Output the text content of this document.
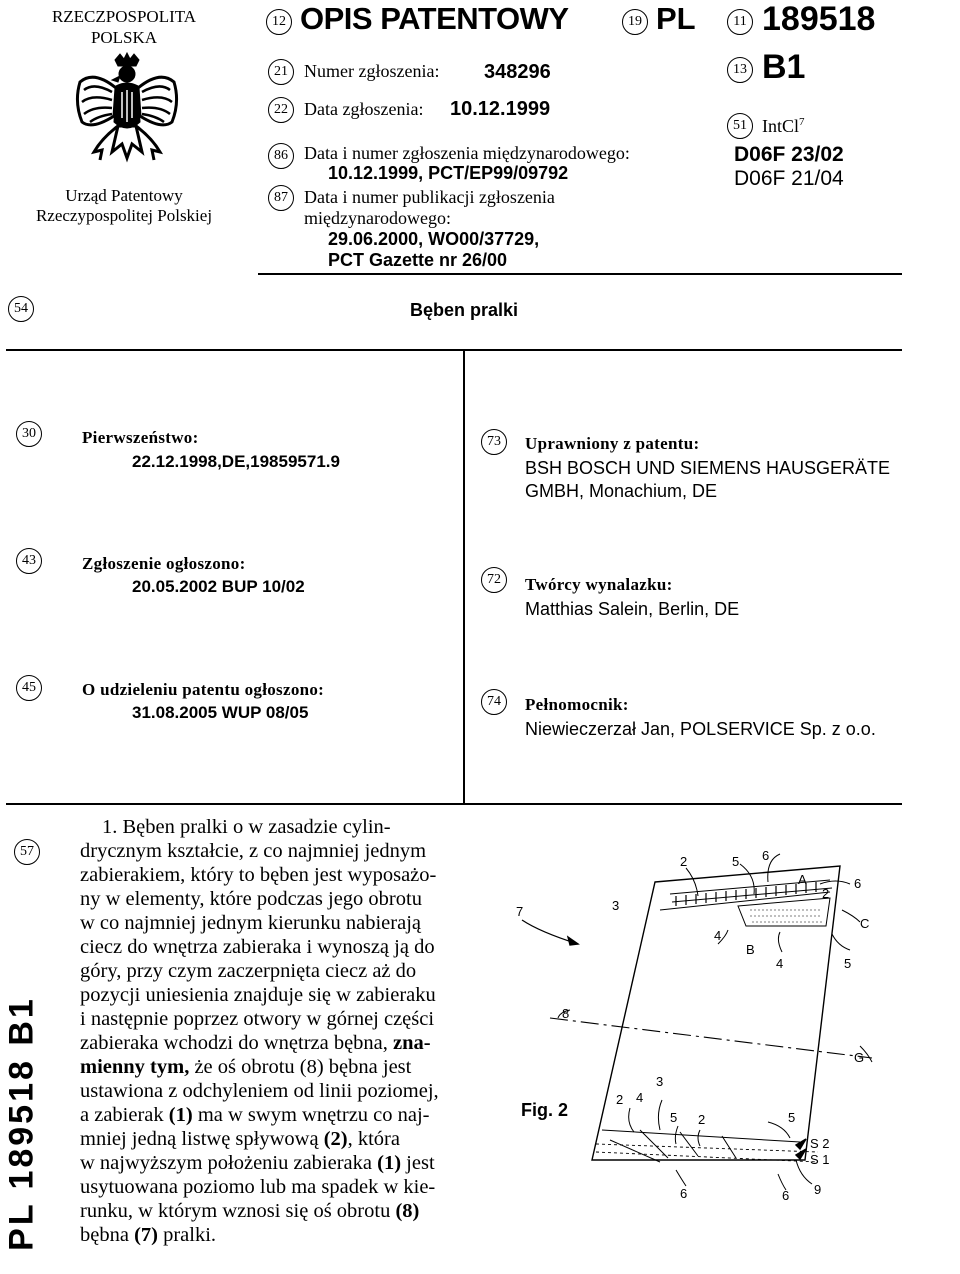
RZECZPOSPOLITA
POLSKA
Urząd Patentowy
Rzeczypospolitej Polskiej
12 OPIS PATENTOWY	19 PL	11 189518
13 B1
21 Numer zgłoszenia: 348296
22 Data zgłoszenia: 10.12.1999
86 Data i numer zgłoszenia międzynarodowego:
10.12.1999, PCT/EP99/09792
87 Data i numer publikacji zgłoszenia
międzynarodowego:
29.06.2000, WO00/37729,
PCT Gazette nr 26/00
51 IntCl$^7$
D06F 23/02
D06F 21/04
54	Bęben pralki
30	Pierwszeństwo:
22.12.1998,DE,19859571.9
73	Uprawniony z patentu:
BSH BOSCH UND SIEMENS HAUSGERÄTE
GMBH, Monachium, DE
43	Zgłoszenie ogłoszono:
20.05.2002 BUP 10/02	72	Twórcy wynalazku:
Matthias Salein, Berlin, DE
45	O udzieleniu patentu ogłoszono:
31.08.2005 WUP 08/05
74	Pełnomocnik:
Niewieczerzał Jan, POLSERVICE Sp. z o.o.
57
1. Bęben pralki o w zasadzie cylin-
drycznym kształcie, z co najmniej jednym
zabierakiem, który to bęben jest wyposażo-
ny w elementy, które podczas jego obrotu
w co najmniej jednym kierunku nabierają
ciecz do wnętrza zabieraka i wynoszą ją do
góry, przy czym zaczerpnięta ciecz aż do
pozycji uniesienia znajduje się w zabieraku
i następnie poprzez otwory w górnej części
zabieraka wchodzi do wnętrza bębna, zna-
mienny tym, że oś obrotu (8) bębna jest
ustawiona z odchyleniem od linii poziomej,
a zabierak (1) ma w swym wnętrzu co naj-
mniej jedną listwę spływową (2), która
w najwyższym położeniu zabieraka (1) jest
usytuowana poziomo lub ma spadek w kie-
runku, w którym wznosi się oś obrotu (8)
bębna (7) pralki.
PL 189518 B1
2	5 6
A
2
6
3
7
C
4
B
4	5
8
G
3
2 4
5 2	5
S 2
S 1
6	6 9
Fig. 2
